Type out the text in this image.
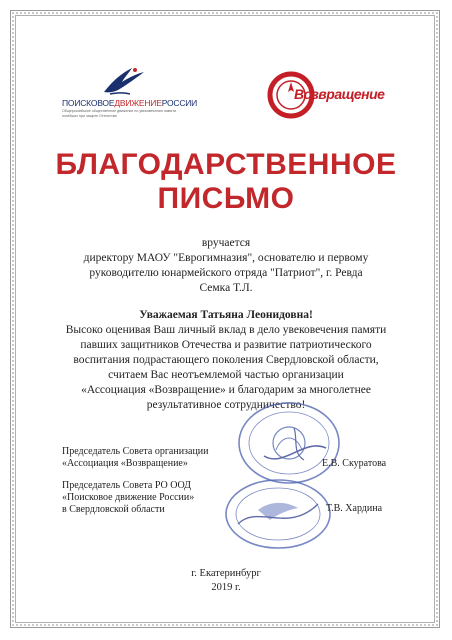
ПОИСКОВОЕДВИЖЕНИЕРОССИИ
Общероссийское общественное движение по увековечению памяти погибших при защите Отечества
Возвращение
БЛАГОДАРСТВЕННОЕ
ПИСЬМО
вручается
директору МАОУ "Еврогимназия", основателю и первому
руководителю юнармейского отряда "Патриот", г. Ревда
Семка Т.Л.
Уважаемая Татьяна Леонидовна!
Высоко оценивая Ваш личный вклад в дело увековечения памяти
павших защитников Отечества и развитие патриотического
воспитания подрастающего поколения Свердловской области,
считаем Вас неотъемлемой частью организации
«Ассоциация «Возвращение» и благодарим за многолетнее
результативное сотрудничество!
Председатель Совета организации
«Ассоциация «Возвращение»	Е.В. Скуратова
Председатель Совета РО ООД
«Поисковое движение России»
в Свердловской области	Т.В. Хардина
г. Екатеринбург
2019 г.
